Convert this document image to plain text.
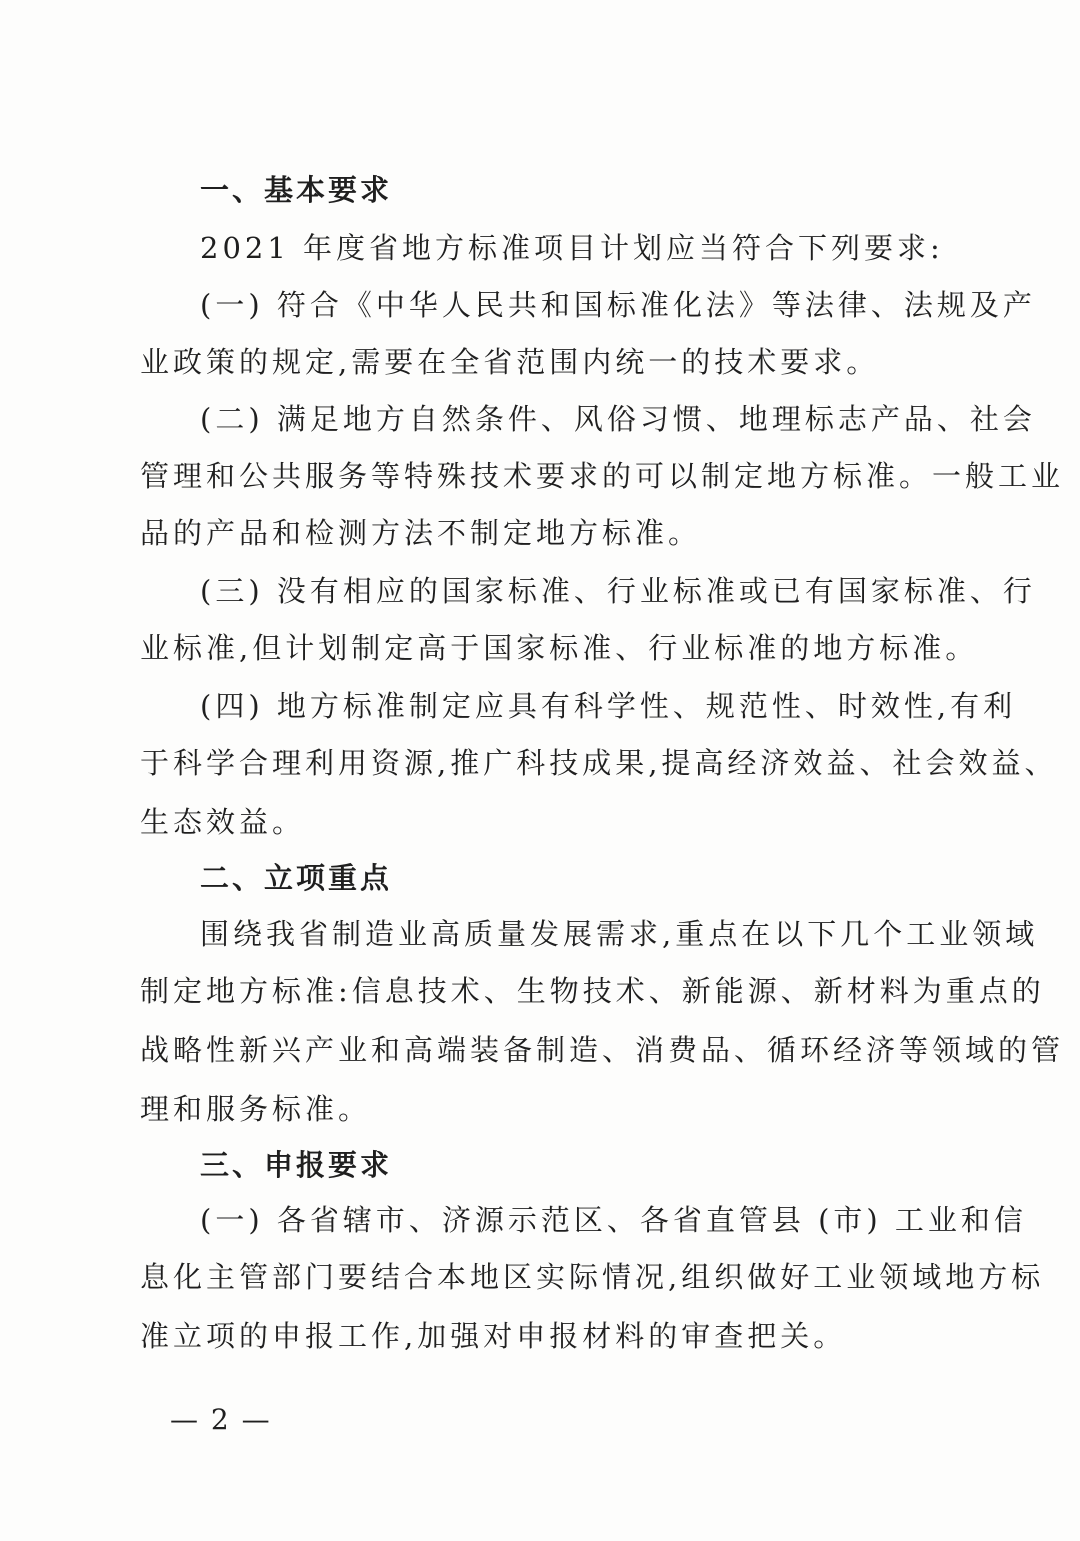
一、基本要求
2021 年度省地方标准项目计划应当符合下列要求:
(一) 符合《中华人民共和国标准化法》等法律、法规及产
业政策的规定,需要在全省范围内统一的技术要求。
(二) 满足地方自然条件、风俗习惯、地理标志产品、社会
管理和公共服务等特殊技术要求的可以制定地方标准。一般工业
品的产品和检测方法不制定地方标准。
(三) 没有相应的国家标准、行业标准或已有国家标准、行
业标准,但计划制定高于国家标准、行业标准的地方标准。
(四) 地方标准制定应具有科学性、规范性、时效性,有利
于科学合理利用资源,推广科技成果,提高经济效益、社会效益、
生态效益。
二、立项重点
围绕我省制造业高质量发展需求,重点在以下几个工业领域
制定地方标准:信息技术、生物技术、新能源、新材料为重点的
战略性新兴产业和高端装备制造、消费品、循环经济等领域的管
理和服务标准。
三、申报要求
(一) 各省辖市、济源示范区、各省直管县 (市) 工业和信
息化主管部门要结合本地区实际情况,组织做好工业领域地方标
准立项的申报工作,加强对申报材料的审查把关。
— 2 —
